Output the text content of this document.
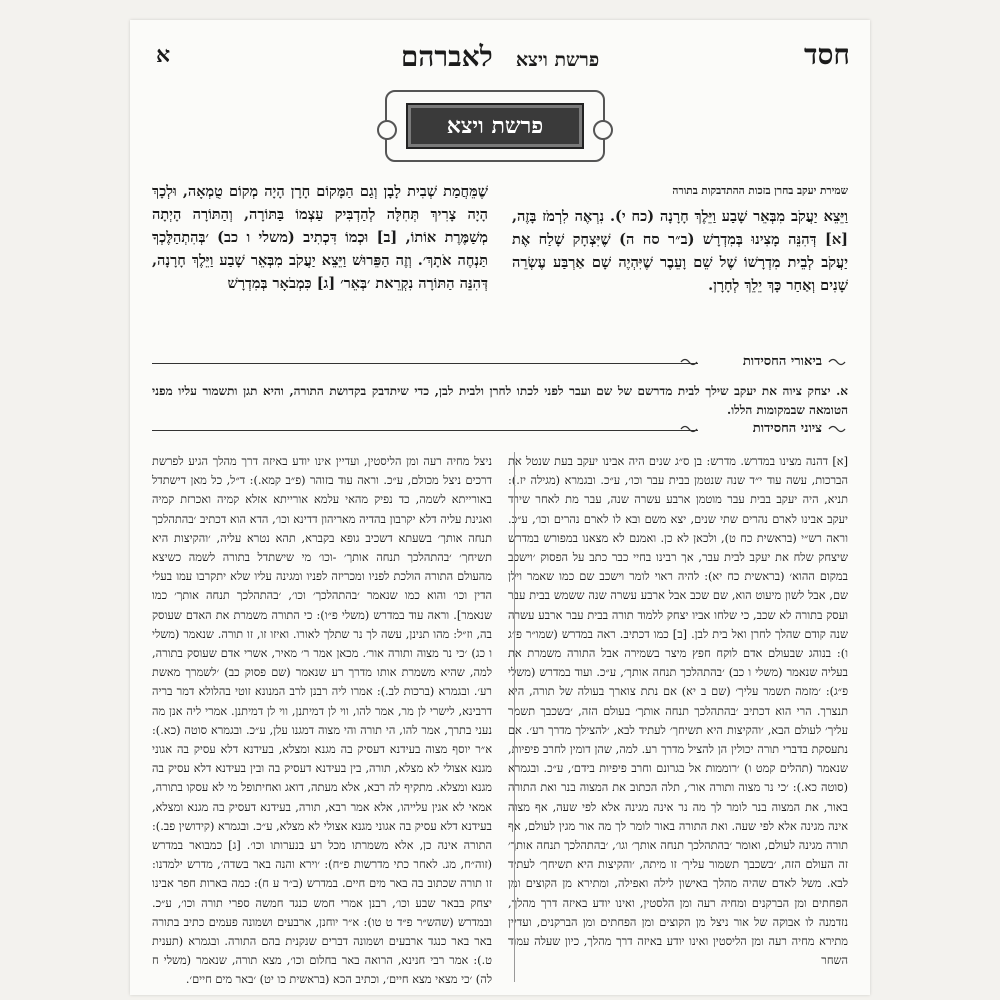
חסד
פרשת ויצא לאברהם
א
פרשת ויצא
שמירת יעקב בחרן בזכות ההתדבקות בתורה
וַיֵּצֵא יַעֲקֹב מִבְּאֵר שָׁבַע וַיֵּלֶךְ חָרָנָה (כח י). נִרְאֶה לִרְמֹז בָּזֶה, [א] דְּהִנֵּה מָצִינוּ בְּמִדְרָשׁ (ב״ר סח ה) שֶׁיִּצְחָק שָׁלַח אֶת יַעֲקֹב לְבֵית מִדְרָשׁוֹ שֶׁל שֵׁם וָעֵבֶר שֶׁיִּהְיֶה שָׁם אַרְבַּע עֶשְׂרֵה שָׁנִים וְאַחַר כָּךְ יֵלֵךְ לְחָרָן.
שֶׁמֵּחֲמַת שְׁבִית לָבָן וְגַם הַמָּקוֹם חָרָן הָיָה מְקוֹם טֻמְאָה, וּלְכָךְ הָיָה צָרִיךְ תְּחִלָּה לְהַדְבִּיק עַצְמוֹ בַּתּוֹרָה, וְהַתּוֹרָה הָיְתָה מְשַׁמֶּרֶת אוֹתוֹ, [ב] וּכְמוֹ דִּכְתִיב (משלי ו כב) ׳בְּהִתְהַלֶּכְךָ תַּנְחֶה אֹתָךְ׳. וְזֶה הַפֵּרוּשׁ וַיֵּצֵא יַעֲקֹב מִבְּאֵר שָׁבַע וַיֵּלֶךְ חָרָנָה, דְּהִנֵּה הַתּוֹרָה נִקְרֵאת ׳בְּאֵר׳ [ג] כִּמְבֹאָר בְּמִדְרָשׁ
ביאורי החסידות
א. יצחק ציוה את יעקב שילך לבית מדרשם של שם ועבר לפני לכתו לחרן ולבית לבן, כדי שיתדבק בקדושת התורה, והיא תגן ותשמור עליו מפני הטומאה שבמקומות הללו.
ציוני החסידות
[א] דהנה מצינו במדרש. מדרש: בן ס״ג שנים היה אבינו יעקב בעת שנטל את הברכות, עשה עוד י״ד שנה שנטמן בבית עבר וכו׳, ע״כ. ובגמרא (מגילה יז.): תניא, היה יעקב בבית עבר מוטמן ארבע עשרה שנה, עבר מת לאחר שירד יעקב אבינו לארם נהרים שתי שנים, יצא משם ובא לו לארם נהרים וכו׳, ע״כ. וראה רש״י (בראשית כח ט), ולכאן לא כן. ואמנם לא מצאנו במפורש במדרש שיצחק שלח את יעקב לבית עבר, אך רבינו בחיי כבר כתב על הפסוק ׳וישכב במקום ההוא׳ (בראשית כח יא): להיה ראוי לומר וישכב שם כמו שאמר וילן שם, אבל לשון מיעוט הוא, שם שכב אבל ארבע עשרה שנה ששמש בבית עבר ועסק בתורה לא שכב, כי שלחו אביו יצחק ללמוד תורה בבית עבר ארבע עשרה שנה קודם שהלך לחרן ואל בית לבן. [ב] כמו דכתיב. ראה במדרש (שמו״ר פ״ג ו): בנוהג שבעולם אדם לוקח חפץ מיצר בשמירה אבל התורה משמרת את בעליה שנאמר (משלי ו כב) ׳בהתהלכך תנחה אותך׳, ע״כ. ועוד במדרש (משלי פ״ג): ׳מזמה תשמר עליך׳ (שם ב יא) אם נתת צוארך בעולה של תורה, היא תנצרך. הרי הוא דכתיב ׳בהתהלכך תנחה אותך׳ בעולם הזה, ׳בשכבך תשמר עליך׳ לעולם הבא, ׳והקיצות היא תשיחך׳ לעתיד לבא, ׳להצילך מדרך רע׳. אם נתעסקת בדברי תורה יכולין הן להציל מדרך רע. למה, שהן דומין לחרב פיפיות, שנאמר (תהלים קמט ו) ׳רוממות אל בגרונם וחרב פיפיות בידם׳, ע״כ. ובגמרא (סוטה כא.): ׳כי נר מצוה ותורה אור׳, תלה הכתוב את המצוה בנר ואת התורה באור, את המצוה בנר לומר לך מה נר אינה מגינה אלא לפי שעה, אף מצוה אינה מגינה אלא לפי שעה. ואת התורה באור לומר לך מה אור מגין לעולם, אף תורה מגינה לעולם, ואומר ׳בהתהלכך תנחה אותך׳ וגו׳, ׳בהתהלכך תנחה אותך׳ זה העולם הזה, ׳בשכבך תשמור עליך׳ זו מיתה, ׳והקיצות היא תשיחך׳ לעתיד לבא. משל לאדם שהיה מהלך באישון לילה ואפילה, ומתירא מן הקוצים ומן הפחתים ומן הברקנים ומחיה רעה ומן הלסטין, ואינו יודע באיזה דרך מהלך, נזדמנה לו אבוקה של אור ניצל מן הקוצים ומן הפחתים ומן הברקנים, ועדיין מתירא מחיה רעה ומן הליסטין ואינו יודע באיזה דרך מהלך, כיון שעלה עמוד השחר
ניצל מחיה רעה ומן הליסטין, ועדיין אינו יודע באיזה דרך מהלך הגיע לפרשת דרכים ניצל מכולם, ע״כ. וראה עוד בזוהר (פ״ב קמא.): ד״ל, כל מאן דישתדל באורייתא לשמה, כד נפיק מהאי עלמא אורייתא אזלא קמיה ואכרזת קמיה ואגינת עליה דלא יקרבון בהדיה מאריהון דדינא וכו׳, הדא הוא דכתיב ׳בהתהלכך תנחה אותך׳ בשעתא דשכיב גופא בקברא, תהא נטרא עליה, ׳והקיצות היא תשיחך׳ ׳בהתהלכך תנחה אותך׳ -וכו׳ מי שישתדל בתורה לשמה כשיצא מהעולם התורה הולכת לפניו ומכריזה לפניו ומגינה עליו שלא יתקרבו עמו בעלי הדין וכו׳ והוא כמו שנאמר ׳בהתהלכך׳ וכו׳, ׳בהתהלכך תנחה אותך׳ כמו שנאמר]. וראה עוד במדרש (משלי פ״ו): כי התורה משמרת את האדם שעוסק בה, וז״ל: מהו תנינן, עשה לך נר שתלך לאורו. ואיזו זו, זו תורה. שנאמר (משלי ו כג) ׳כי נר מצוה ותורה אור׳. מכאן אמר ר׳ מאיר, אשרי אדם שעוסק בתורה, למה, שהיא משמרת אותו מדרך רע שנאמר (שם פסוק כב) ׳לשמרך מאשת רע׳. ובגמרא (ברכות לב.): אמרו ליה רבנן לרב המנונא זוטי בהלולא דמר בריה דרבינא, לישרי לן מר, אמר להו, ווי לן דמיתנן, ווי לן דמיתנן. אמרי ליה אנן מה נעני בתרך, אמר להו, הי תורה והי מצוה דמגנו עלן, ע״כ. ובגמרא סוטה (כא.): א״ר יוסף מצוה בעידנא דעסיק בה מגנא ומצלא, בעידנא דלא עסיק בה אגוני מגנא אצולי לא מצלא, תורה, בין בעידנא דעסיק בה ובין בעידנא דלא עסיק בה מגנא ומצלא. מתקיף לה רבא, אלא מעתה, דואג ואחיתופל מי לא עסקו בתורה, אמאי לא אגין עלייהו, אלא אמר רבא, תורה, בעידנא דעסיק בה מגנא ומצלא, בעידנא דלא עסיק בה אגוני מגנא אצולי לא מצלא, ע״כ. ובגמרא (קידושין פב.): התורה אינה כן, אלא משמרתו מכל רע בנערותו וכו׳. [ג] כמבואר במדרש (זוה״ח, מג. לאחר כתי מדרשות פ״ח): ׳וירא והנה באר בשדה׳, מדרש ילמדנו: זו תורה שכתוב בה באר מים חיים. במדרש (ב״ר ע ח): כמה בארות חפר אבינו יצחק בבאר שבע וכו׳, רבנן אמרי חמש כנגד חמשה ספרי תורה וכו׳, ע״כ. ובמדרש (שהש״ר פ״ד ט טו): א״ר יוחנן, ארבעים ושמונה פעמים כתיב בתורה באר באר כנגד ארבעים ושמונה דברים שנקנית בהם התורה. ובגמרא (תענית ט.): אמר רבי חנינא, הרואה באר בחלום וכו׳, מצא תורה, שנאמר (משלי ח לה) ׳כי מצאי מצא חיים׳, וכתיב הכא (בראשית כו יט) ׳באר מים חיים׳.
